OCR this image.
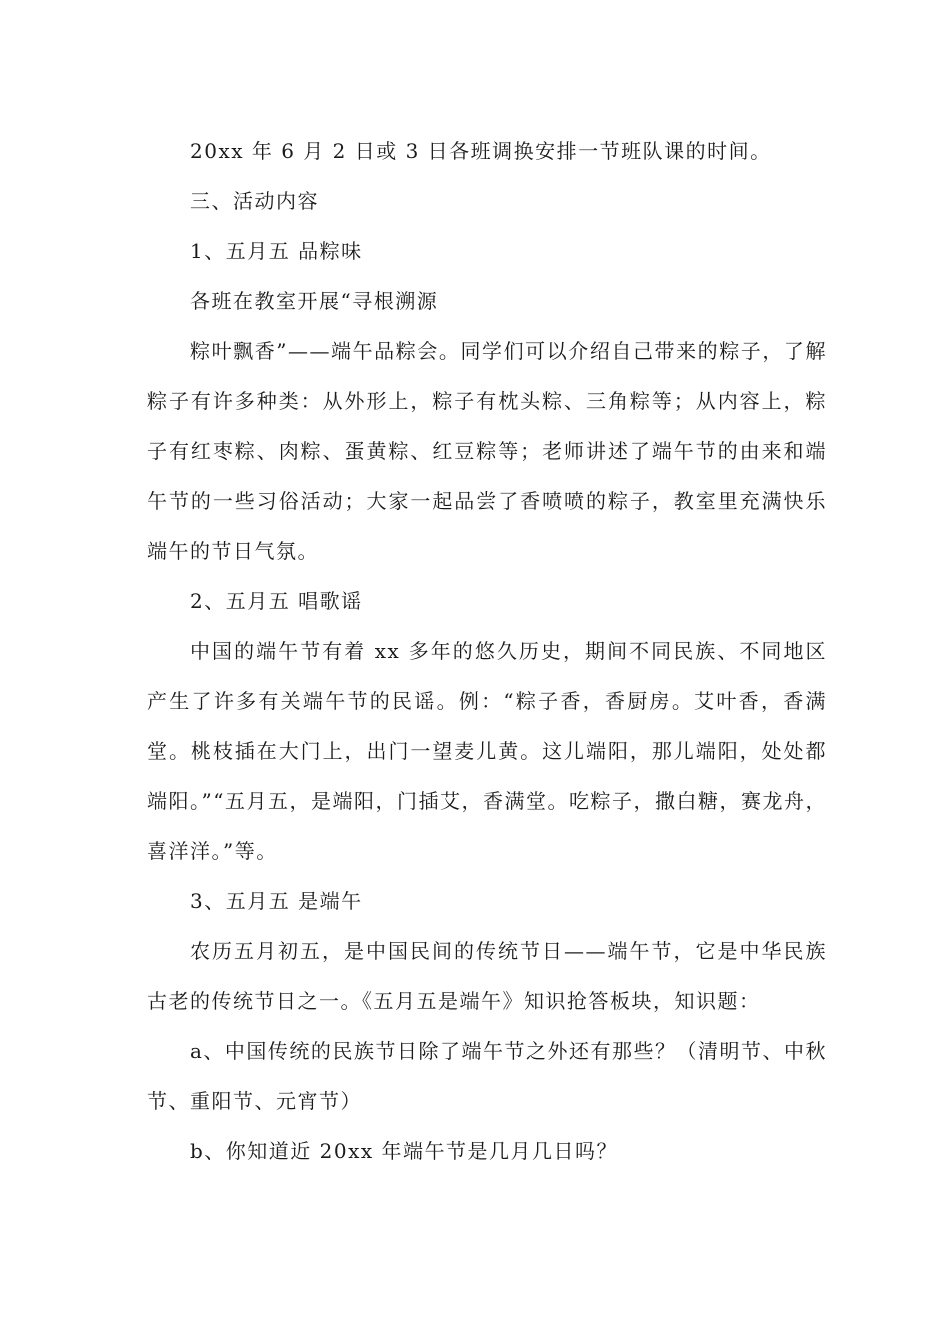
20xx 年 6 月 2 日或 3 日各班调换安排一节班队课的时间。

三、活动内容

1、五月五 品粽味

各班在教室开展“寻根溯源

粽叶飘香”——端午品粽会。同学们可以介绍自己带来的粽子，了解粽子有许多种类：从外形上，粽子有枕头粽、三角粽等；从内容上，粽子有红枣粽、肉粽、蛋黄粽、红豆粽等；老师讲述了端午节的由来和端午节的一些习俗活动；大家一起品尝了香喷喷的粽子，教室里充满快乐端午的节日气氛。

2、五月五 唱歌谣

中国的端午节有着 xx 多年的悠久历史，期间不同民族、不同地区产生了许多有关端午节的民谣。例：“粽子香，香厨房。艾叶香，香满堂。桃枝插在大门上，出门一望麦儿黄。这儿端阳，那儿端阳，处处都端阳。”“五月五，是端阳，门插艾，香满堂。吃粽子，撒白糖，赛龙舟，喜洋洋。”等。

3、五月五 是端午

农历五月初五，是中国民间的传统节日——端午节，它是中华民族古老的传统节日之一。《五月五是端午》知识抢答板块，知识题：

a、中国传统的民族节日除了端午节之外还有那些？（清明节、中秋节、重阳节、元宵节）

b、你知道近 20xx 年端午节是几月几日吗？
